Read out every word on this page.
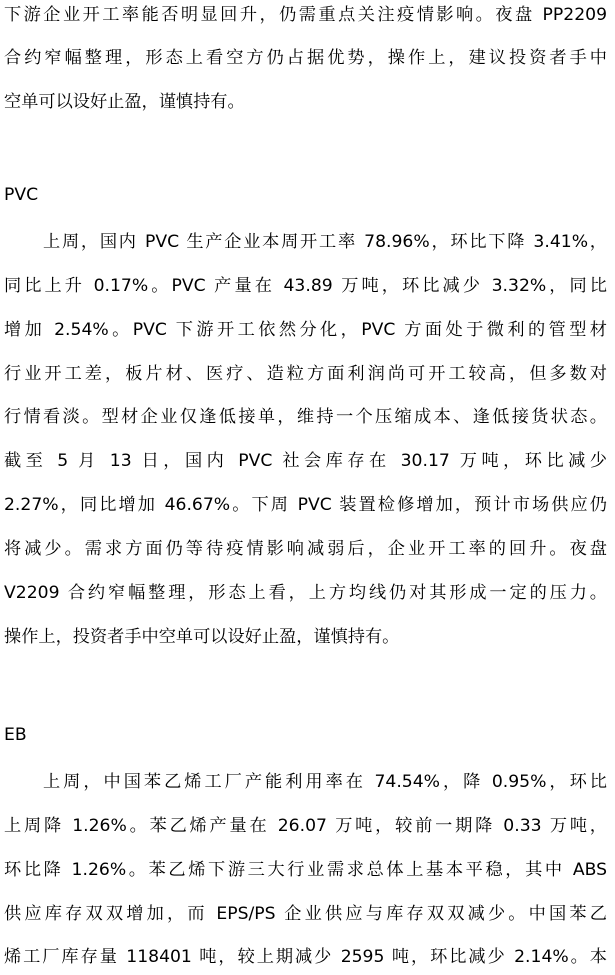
下游企业开工率能否明显回升，仍需重点关注疫情影响。夜盘 PP2209
合约窄幅整理，形态上看空方仍占据优势，操作上，建议投资者手中
空单可以设好止盈，谨慎持有。
PVC
上周，国内 PVC 生产企业本周开工率 78.96%，环比下降 3.41%，
同比上升 0.17%。PVC 产量在 43.89 万吨，环比减少 3.32%，同比
增加 2.54%。PVC 下游开工依然分化，PVC 方面处于微利的管型材
行业开工差，板片材、医疗、造粒方面利润尚可开工较高，但多数对
行情看淡。型材企业仅逢低接单，维持一个压缩成本、逢低接货状态。
截至 5 月 13 日，国内 PVC 社会库存在 30.17 万吨，环比减少
2.27%，同比增加 46.67%。下周 PVC 装置检修增加，预计市场供应仍
将减少。需求方面仍等待疫情影响减弱后，企业开工率的回升。夜盘
V2209 合约窄幅整理，形态上看，上方均线仍对其形成一定的压力。
操作上，投资者手中空单可以设好止盈，谨慎持有。
EB
上周，中国苯乙烯工厂产能利用率在 74.54%，降 0.95%，环比
上周降 1.26%。苯乙烯产量在 26.07 万吨，较前一期降 0.33 万吨，
环比降 1.26%。苯乙烯下游三大行业需求总体上基本平稳，其中 ABS
供应库存双双增加，而 EPS/PS 企业供应与库存双双减少。中国苯乙
烯工厂库存量 118401 吨，较上期减少 2595 吨，环比减少 2.14%。本
